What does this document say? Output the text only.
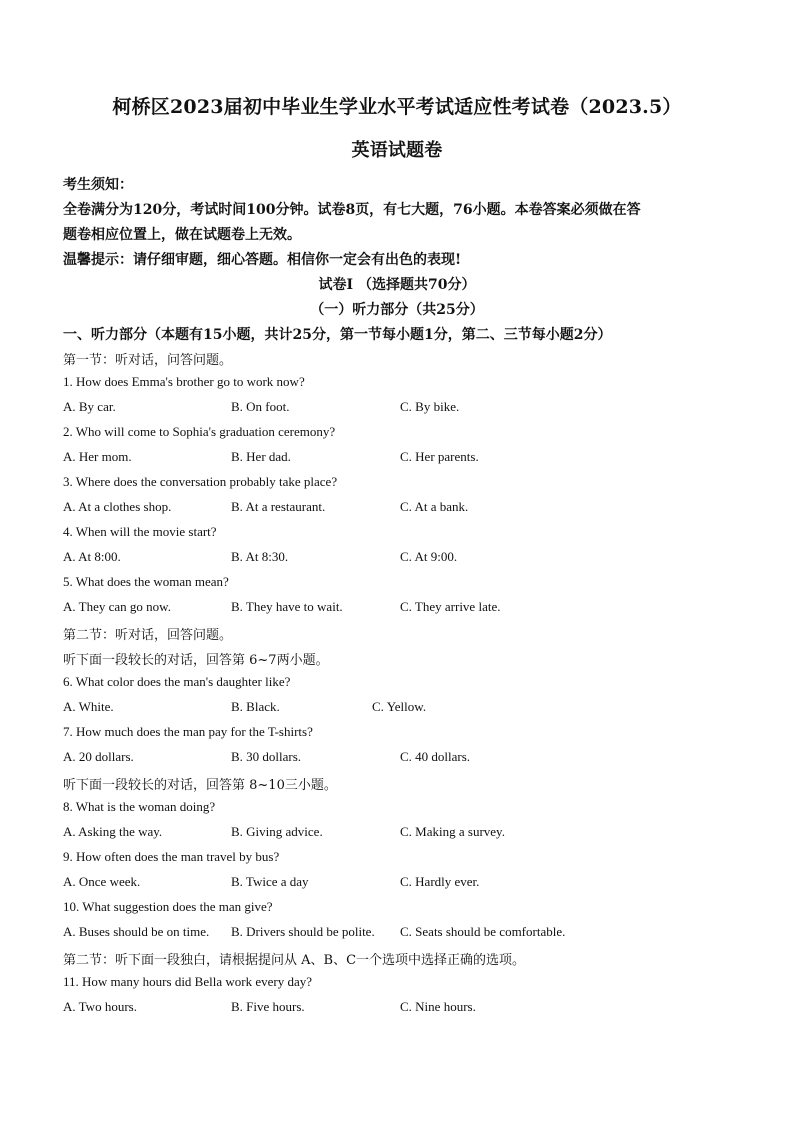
柯桥区2023届初中毕业生学业水平考试适应性考试卷（2023.5）
英语试题卷
考生须知：
全卷满分为120分，考试时间100分钟。试卷8页，有七大题，76小题。本卷答案必须做在答
题卷相应位置上，做在试题卷上无效。
温馨提示：请仔细审题，细心答题。相信你一定会有出色的表现!
试卷Ⅰ （选择题共70分）
（一）听力部分（共25分）
一、听力部分（本题有15小题，共计25分，第一节每小题1分，第二、三节每小题2分）
第一节：听对话，问答问题。
1. How does Emma's brother go to work now?
A. By car.	B. On foot.	C. By bike.
2. Who will come to Sophia's graduation ceremony?
A. Her mom.	B. Her dad.	C. Her parents.
3. Where does the conversation probably take place?
A. At a clothes shop.	B. At a restaurant.	C. At a bank.
4. When will the movie start?
A. At 8:00.	B. At 8:30.	C. At 9:00.
5. What does the woman mean?
A. They can go now.	B. They have to wait.	C. They arrive late.
第二节：听对话，回答问题。
听下面一段较长的对话，回答第 6~7两小题。
6. What color does the man's daughter like?
A. White.	B. Black.	C. Yellow.
7. How much does the man pay for the T-shirts?
A. 20 dollars.	B. 30 dollars.	C. 40 dollars.
听下面一段较长的对话，回答第 8~10三小题。
8. What is the woman doing?
A. Asking the way.	B. Giving advice.	C. Making a survey.
9. How often does the man travel by bus?
A. Once week.	B. Twice a day	C. Hardly ever.
10. What suggestion does the man give?
A. Buses should be on time. B. Drivers should be polite. C. Seats should be comfortable.
第二节：听下面一段独白，请根据提问从 A、B、C一个选项中选择正确的选项。
11. How many hours did Bella work every day?
A. Two hours.	B. Five hours.	C. Nine hours.
